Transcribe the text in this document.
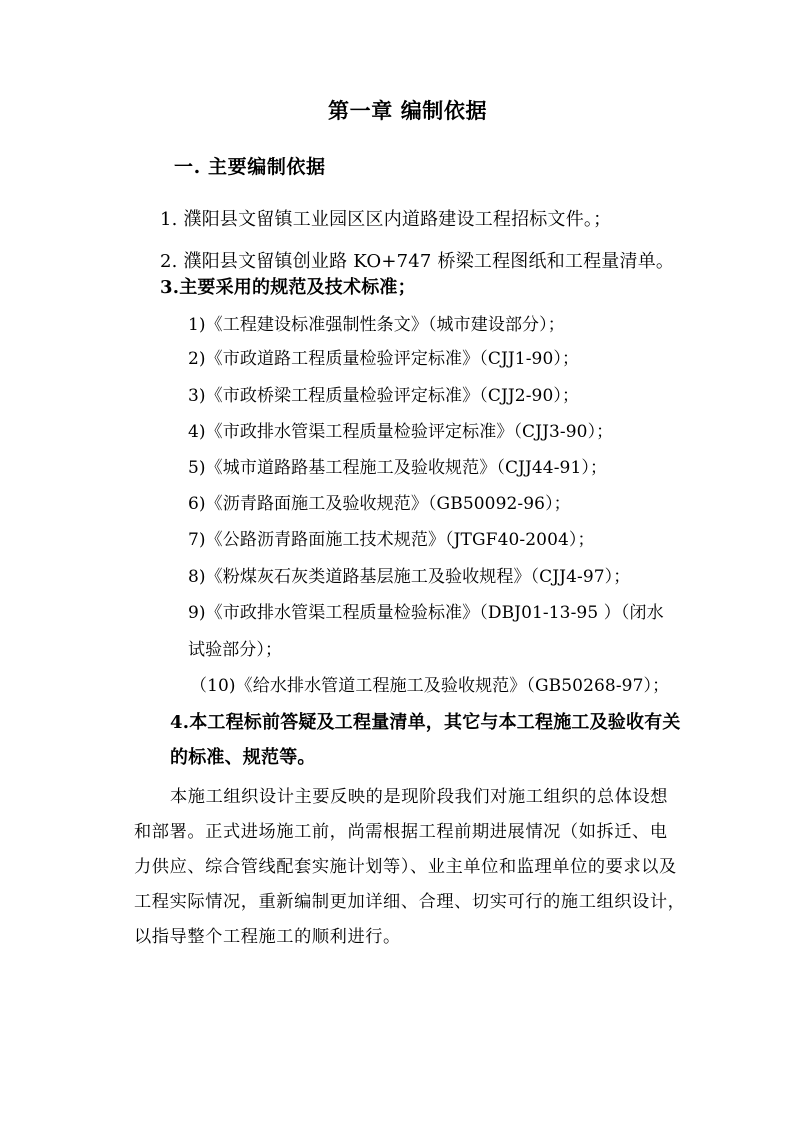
第一章 编制依据
一. 主要编制依据
1. 濮阳县文留镇工业园区区内道路建设工程招标文件。；
2. 濮阳县文留镇创业路 KO+747 桥梁工程图纸和工程量清单。
3.主要采用的规范及技术标准；
1)《工程建设标准强制性条文》（城市建设部分）；
2)《市政道路工程质量检验评定标准》（CJJ1-90）；
3)《市政桥梁工程质量检验评定标准》（CJJ2-90）；
4)《市政排水管渠工程质量检验评定标准》（CJJ3-90）；
5)《城市道路路基工程施工及验收规范》（CJJ44-91）；
6)《沥青路面施工及验收规范》（GB50092-96）；
7)《公路沥青路面施工技术规范》（JTGF40-2004）；
8)《粉煤灰石灰类道路基层施工及验收规程》（CJJ4-97）；
9)《市政排水管渠工程质量检验标准》（DBJ01-13-95 ）（闭水
试验部分）；
（10)《给水排水管道工程施工及验收规范》（GB50268-97）；
4.本工程标前答疑及工程量清单，其它与本工程施工及验收有关
的标准、规范等。
本施工组织设计主要反映的是现阶段我们对施工组织的总体设想
和部署。正式进场施工前，尚需根据工程前期进展情况（如拆迁、电
力供应、综合管线配套实施计划等）、业主单位和监理单位的要求以及
工程实际情况，重新编制更加详细、合理、切实可行的施工组织设计，
以指导整个工程施工的顺利进行。
